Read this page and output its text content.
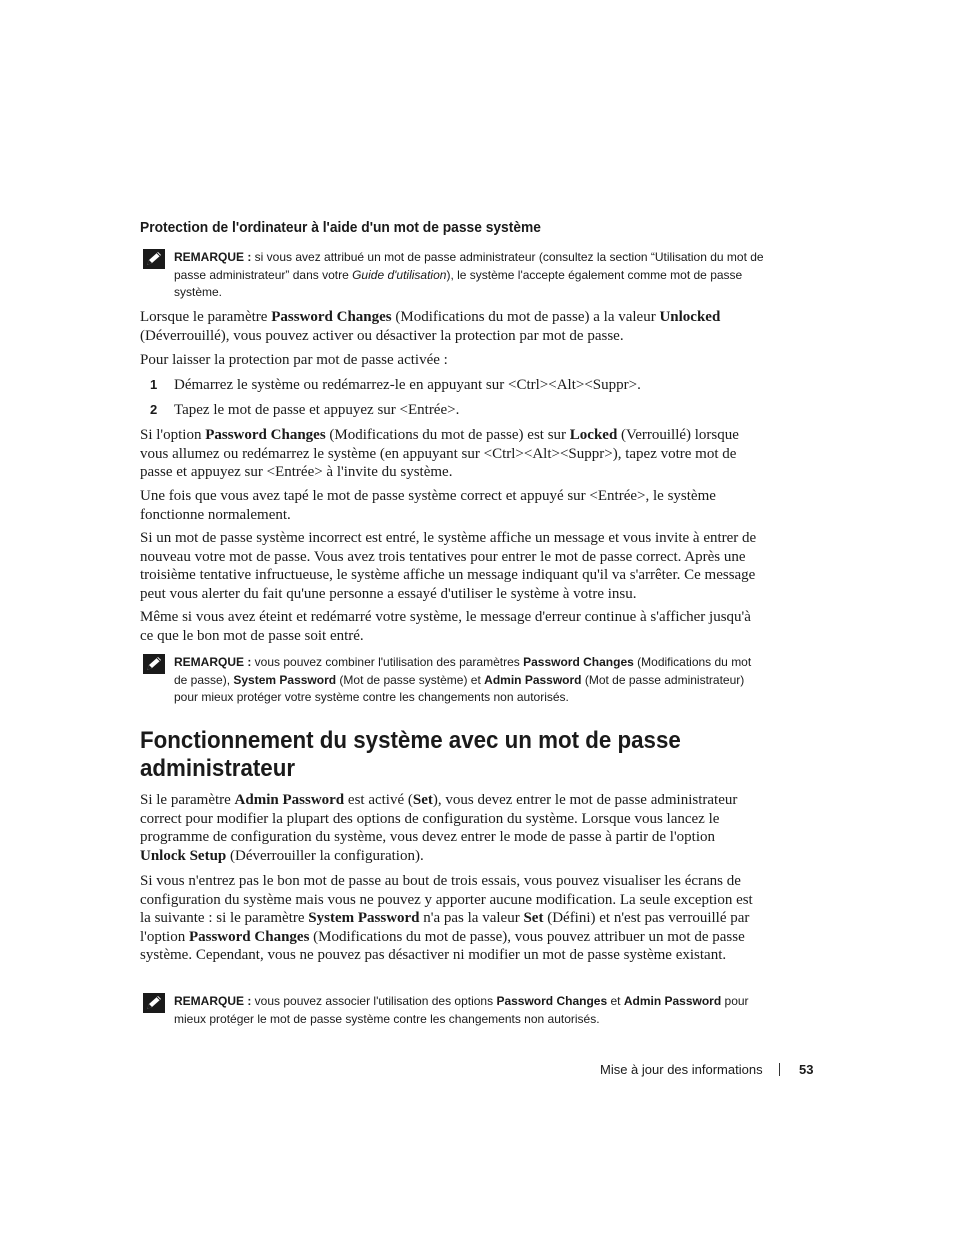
Protection de l'ordinateur à l'aide d'un mot de passe système
REMARQUE : si vous avez attribué un mot de passe administrateur (consultez la section “Utilisation du mot de passe administrateur” dans votre Guide d'utilisation), le système l'accepte également comme mot de passe système.
Lorsque le paramètre Password Changes (Modifications du mot de passe) a la valeur Unlocked (Déverrouillé), vous pouvez activer ou désactiver la protection par mot de passe.
Pour laisser la protection par mot de passe activée :
1 Démarrez le système ou redémarrez-le en appuyant sur <Ctrl><Alt><Suppr>.
2 Tapez le mot de passe et appuyez sur <Entrée>.
Si l'option Password Changes (Modifications du mot de passe) est sur Locked (Verrouillé) lorsque vous allumez ou redémarrez le système (en appuyant sur <Ctrl><Alt><Suppr>), tapez votre mot de passe et appuyez sur <Entrée> à l'invite du système.
Une fois que vous avez tapé le mot de passe système correct et appuyé sur <Entrée>, le système fonctionne normalement.
Si un mot de passe système incorrect est entré, le système affiche un message et vous invite à entrer de nouveau votre mot de passe. Vous avez trois tentatives pour entrer le mot de passe correct. Après une troisième tentative infructueuse, le système affiche un message indiquant qu'il va s'arrêter. Ce message peut vous alerter du fait qu'une personne a essayé d'utiliser le système à votre insu.
Même si vous avez éteint et redémarré votre système, le message d'erreur continue à s'afficher jusqu'à ce que le bon mot de passe soit entré.
REMARQUE : vous pouvez combiner l'utilisation des paramètres Password Changes (Modifications du mot de passe), System Password (Mot de passe système) et Admin Password (Mot de passe administrateur) pour mieux protéger votre système contre les changements non autorisés.
Fonctionnement du système avec un mot de passe administrateur
Si le paramètre Admin Password est activé (Set), vous devez entrer le mot de passe administrateur correct pour modifier la plupart des options de configuration du système. Lorsque vous lancez le programme de configuration du système, vous devez entrer le mode de passe à partir de l'option Unlock Setup (Déverrouiller la configuration).
Si vous n'entrez pas le bon mot de passe au bout de trois essais, vous pouvez visualiser les écrans de configuration du système mais vous ne pouvez y apporter aucune modification. La seule exception est la suivante : si le paramètre System Password n'a pas la valeur Set (Défini) et n'est pas verrouillé par l'option Password Changes (Modifications du mot de passe), vous pouvez attribuer un mot de passe système. Cependant, vous ne pouvez pas désactiver ni modifier un mot de passe système existant.
REMARQUE : vous pouvez associer l'utilisation des options Password Changes et Admin Password pour mieux protéger le mot de passe système contre les changements non autorisés.
Mise à jour des informations	53
